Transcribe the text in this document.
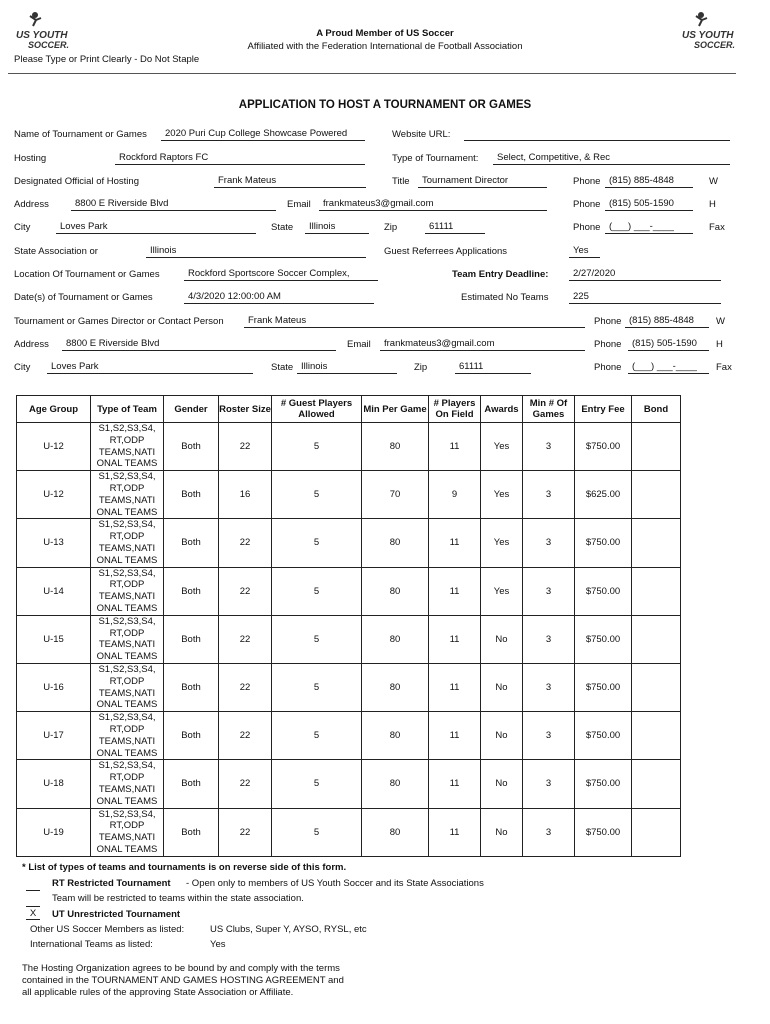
US YOUTH
SOCCER.
US YOUTH
SOCCER.
A Proud Member of US Soccer
Affiliated with the Federation International de Football Association
Please Type or Print Clearly - Do Not Staple
APPLICATION TO HOST A TOURNAMENT OR GAMES
Name of Tournament or Games	2020 Puri Cup College Showcase Powered	Website URL:
Hosting	Rockford Raptors FC	Type of Tournament:	Select, Competitive, & Rec
Designated Official of Hosting	Frank Mateus	Title	Tournament Director	Phone (815) 885-4848	W
Address	8800 E Riverside Blvd	Email	frankmateus3@gmail.com	Phone (815) 505-1590	H
City	Loves Park	State	Illinois	Zip	61111	Phone (___) ___-____	Fax
State Association or	Illinois	Guest Referrees Applications	Yes
Location Of Tournament or Games	Rockford Sportscore Soccer Complex,	Team Entry Deadline:	2/27/2020
Date(s) of Tournament or Games	4/3/2020 12:00:00 AM	Estimated No Teams	225
Tournament or Games Director or Contact Person	Frank Mateus	Phone (815) 885-4848	W
Address	8800 E Riverside Blvd	Email	frankmateus3@gmail.com	Phone	(815) 505-1590	H
City	Loves Park	State Illinois	Zip	61111	Phone	(___) ___-____	Fax
Age Group	Type of Team	Gender	Roster Size	# Guest Players Allowed	Min Per Game	# Players On Field	Awards	Min # Of Games	Entry Fee	Bond
U-12	S1,S2,S3,S4, RT,ODP TEAMS,NATI ONAL TEAMS	Both	22	5	80	11	Yes	3	$750.00	
U-12	S1,S2,S3,S4, RT,ODP TEAMS,NATI ONAL TEAMS	Both	16	5	70	9	Yes	3	$625.00	
U-13	S1,S2,S3,S4, RT,ODP TEAMS,NATI ONAL TEAMS	Both	22	5	80	11	Yes	3	$750.00	
U-14	S1,S2,S3,S4, RT,ODP TEAMS,NATI ONAL TEAMS	Both	22	5	80	11	Yes	3	$750.00	
U-15	S1,S2,S3,S4, RT,ODP TEAMS,NATI ONAL TEAMS	Both	22	5	80	11	No	3	$750.00	
U-16	S1,S2,S3,S4, RT,ODP TEAMS,NATI ONAL TEAMS	Both	22	5	80	11	No	3	$750.00	
U-17	S1,S2,S3,S4, RT,ODP TEAMS,NATI ONAL TEAMS	Both	22	5	80	11	No	3	$750.00	
U-18	S1,S2,S3,S4, RT,ODP TEAMS,NATI ONAL TEAMS	Both	22	5	80	11	No	3	$750.00	
U-19	S1,S2,S3,S4, RT,ODP TEAMS,NATI ONAL TEAMS	Both	22	5	80	11	No	3	$750.00	
* List of types of teams and tournaments is on reverse side of this form.
RT Restricted Tournament - Open only to members of US Youth Soccer and its State Associations
Team will be restricted to teams within the state association.
X	UT Unrestricted Tournament
Other US Soccer Members as listed:	US Clubs, Super Y, AYSO, RYSL, etc
International Teams as listed:	Yes
The Hosting Organization agrees to be bound by and comply with the terms
contained in the TOURNAMENT AND GAMES HOSTING AGREEMENT and
all applicable rules of the approving State Association or Affiliate.
